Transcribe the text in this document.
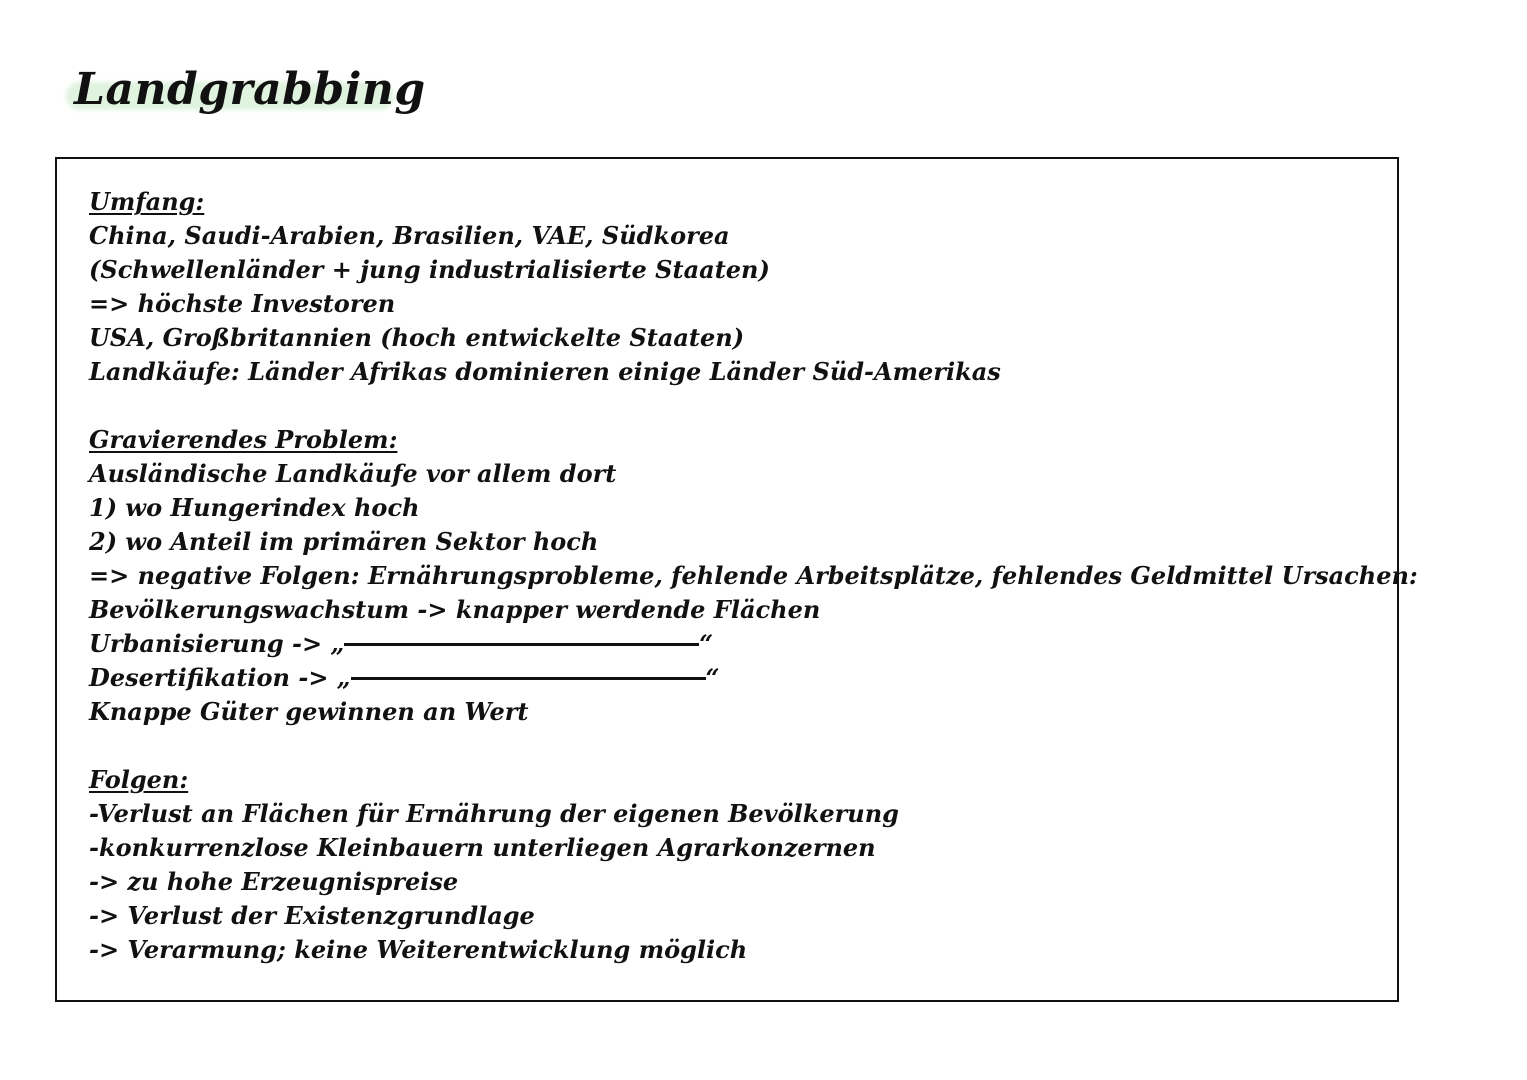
Landgrabbing
Umfang:
China, Saudi-Arabien, Brasilien, VAE, Südkorea
(Schwellenländer + jung industrialisierte Staaten)
=> höchste Investoren
USA, Großbritannien (hoch entwickelte Staaten)
Landkäufe: Länder Afrikas dominieren einige Länder Süd-Amerikas
Gravierendes Problem:
Ausländische Landkäufe vor allem dort
1) wo Hungerindex hoch
2) wo Anteil im primären Sektor hoch
=> negative Folgen: Ernährungsprobleme, fehlende Arbeitsplätze, fehlendes Geldmittel Ursachen:
Bevölkerungswachstum -> knapper werdende Flächen
Urbanisierung -> „	“
Desertifikation -> „	“
Knappe Güter gewinnen an Wert
Folgen:
-Verlust an Flächen für Ernährung der eigenen Bevölkerung
-konkurrenzlose Kleinbauern unterliegen Agrarkonzernen
-> zu hohe Erzeugnispreise
-> Verlust der Existenzgrundlage
-> Verarmung; keine Weiterentwicklung möglich
